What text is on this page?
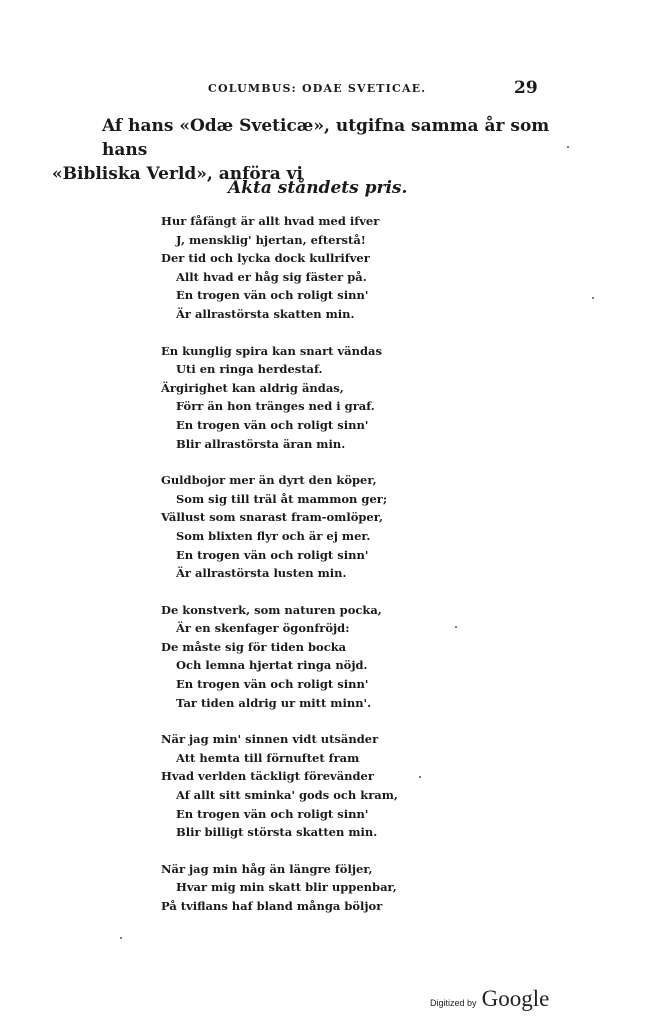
COLUMBUS: ODAE SVETICAE.	29
Af hans «Odæ Sveticæ», utgifna samma år som hans
«Bibliska Verld», anföra vi
Äkta ståndets pris.
Hur fåfängt är allt hvad med ifver
J, mensklig' hjertan, efterstå!
Der tid och lycka dock kullrifver
Allt hvad er håg sig fäster på.
En trogen vän och roligt sinn'
Är allrastörsta skatten min.
En kunglig spira kan snart vändas
Uti en ringa herdestaf.
Ärgirighet kan aldrig ändas,
Förr än hon tränges ned i graf.
En trogen vän och roligt sinn'
Blir allrastörsta äran min.
Guldbojor mer än dyrt den köper,
Som sig till träl åt mammon ger;
Vällust som snarast fram-omlöper,
Som blixten flyr och är ej mer.
En trogen vän och roligt sinn'
Är allrastörsta lusten min.
De konstverk, som naturen pocka,
Är en skenfager ögonfröjd:
De måste sig för tiden bocka
Och lemna hjertat ringa nöjd.
En trogen vän och roligt sinn'
Tar tiden aldrig ur mitt minn'.
När jag min' sinnen vidt utsänder
Att hemta till förnuftet fram
Hvad verlden täckligt förevänder
Af allt sitt sminka' gods och kram,
En trogen vän och roligt sinn'
Blir billigt största skatten min.
När jag min håg än längre följer,
Hvar mig min skatt blir uppenbar,
På tviflans haf bland många böljor
Digitized by Google
